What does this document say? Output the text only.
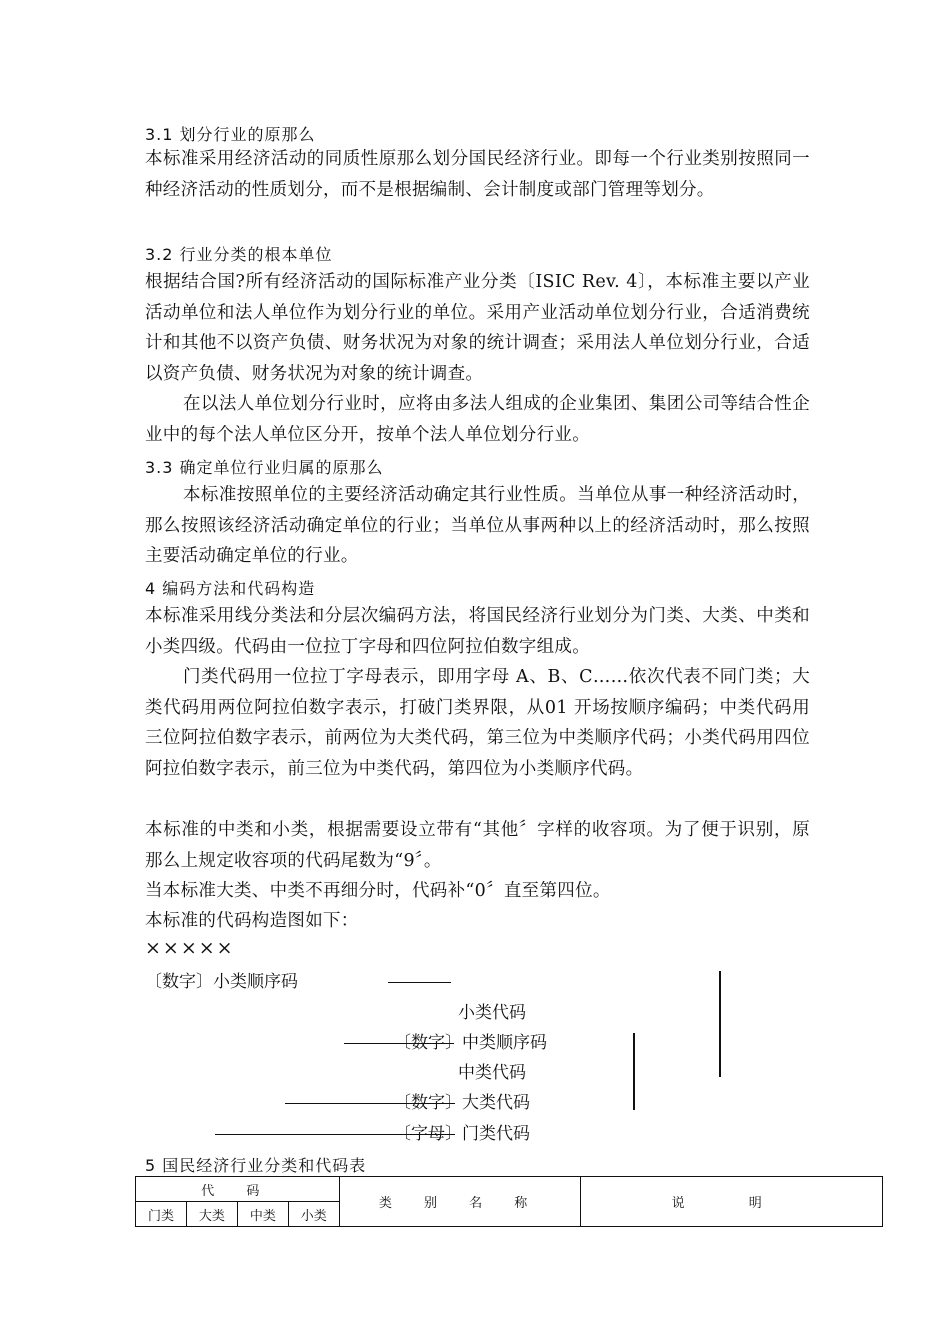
3.1 划分行业的原那么
本标准采用经济活动的同质性原那么划分国民经济行业。即每一个行业类别按照同一种经济活动的性质划分，而不是根据编制、会计制度或部门管理等划分。
3.2 行业分类的根本单位
根据结合国?所有经济活动的国际标准产业分类〔ISIC Rev. 4〕，本标准主要以产业活动单位和法人单位作为划分行业的单位。采用产业活动单位划分行业，合适消费统计和其他不以资产负债、财务状况为对象的统计调查；采用法人单位划分行业，合适以资产负债、财务状况为对象的统计调查。
在以法人单位划分行业时，应将由多法人组成的企业集团、集团公司等结合性企业中的每个法人单位区分开，按单个法人单位划分行业。
3.3 确定单位行业归属的原那么
本标准按照单位的主要经济活动确定其行业性质。当单位从事一种经济活动时，那么按照该经济活动确定单位的行业；当单位从事两种以上的经济活动时，那么按照主要活动确定单位的行业。
4 编码方法和代码构造
本标准采用线分类法和分层次编码方法，将国民经济行业划分为门类、大类、中类和小类四级。代码由一位拉丁字母和四位阿拉伯数字组成。
门类代码用一位拉丁字母表示，即用字母 A、B、C……依次代表不同门类；大类代码用两位阿拉伯数字表示，打破门类界限，从01 开场按顺序编码；中类代码用三位阿拉伯数字表示，前两位为大类代码，第三位为中类顺序代码；小类代码用四位阿拉伯数字表示，前三位为中类代码，第四位为小类顺序代码。
本标准的中类和小类，根据需要设立带有“其他〞字样的收容项。为了便于识别，原那么上规定收容项的代码尾数为“9〞。
当本标准大类、中类不再细分时，代码补“0〞直至第四位。
本标准的代码构造图如下：
×××××
〔数字〕小类顺序码
小类代码
〔数字〕中类顺序码
中类代码
〔数字〕大类代码
〔字母〕门类代码
5 国民经济行业分类和代码表
代 码				类 别 名 称	说 明
门类	大类	中类	小类		
